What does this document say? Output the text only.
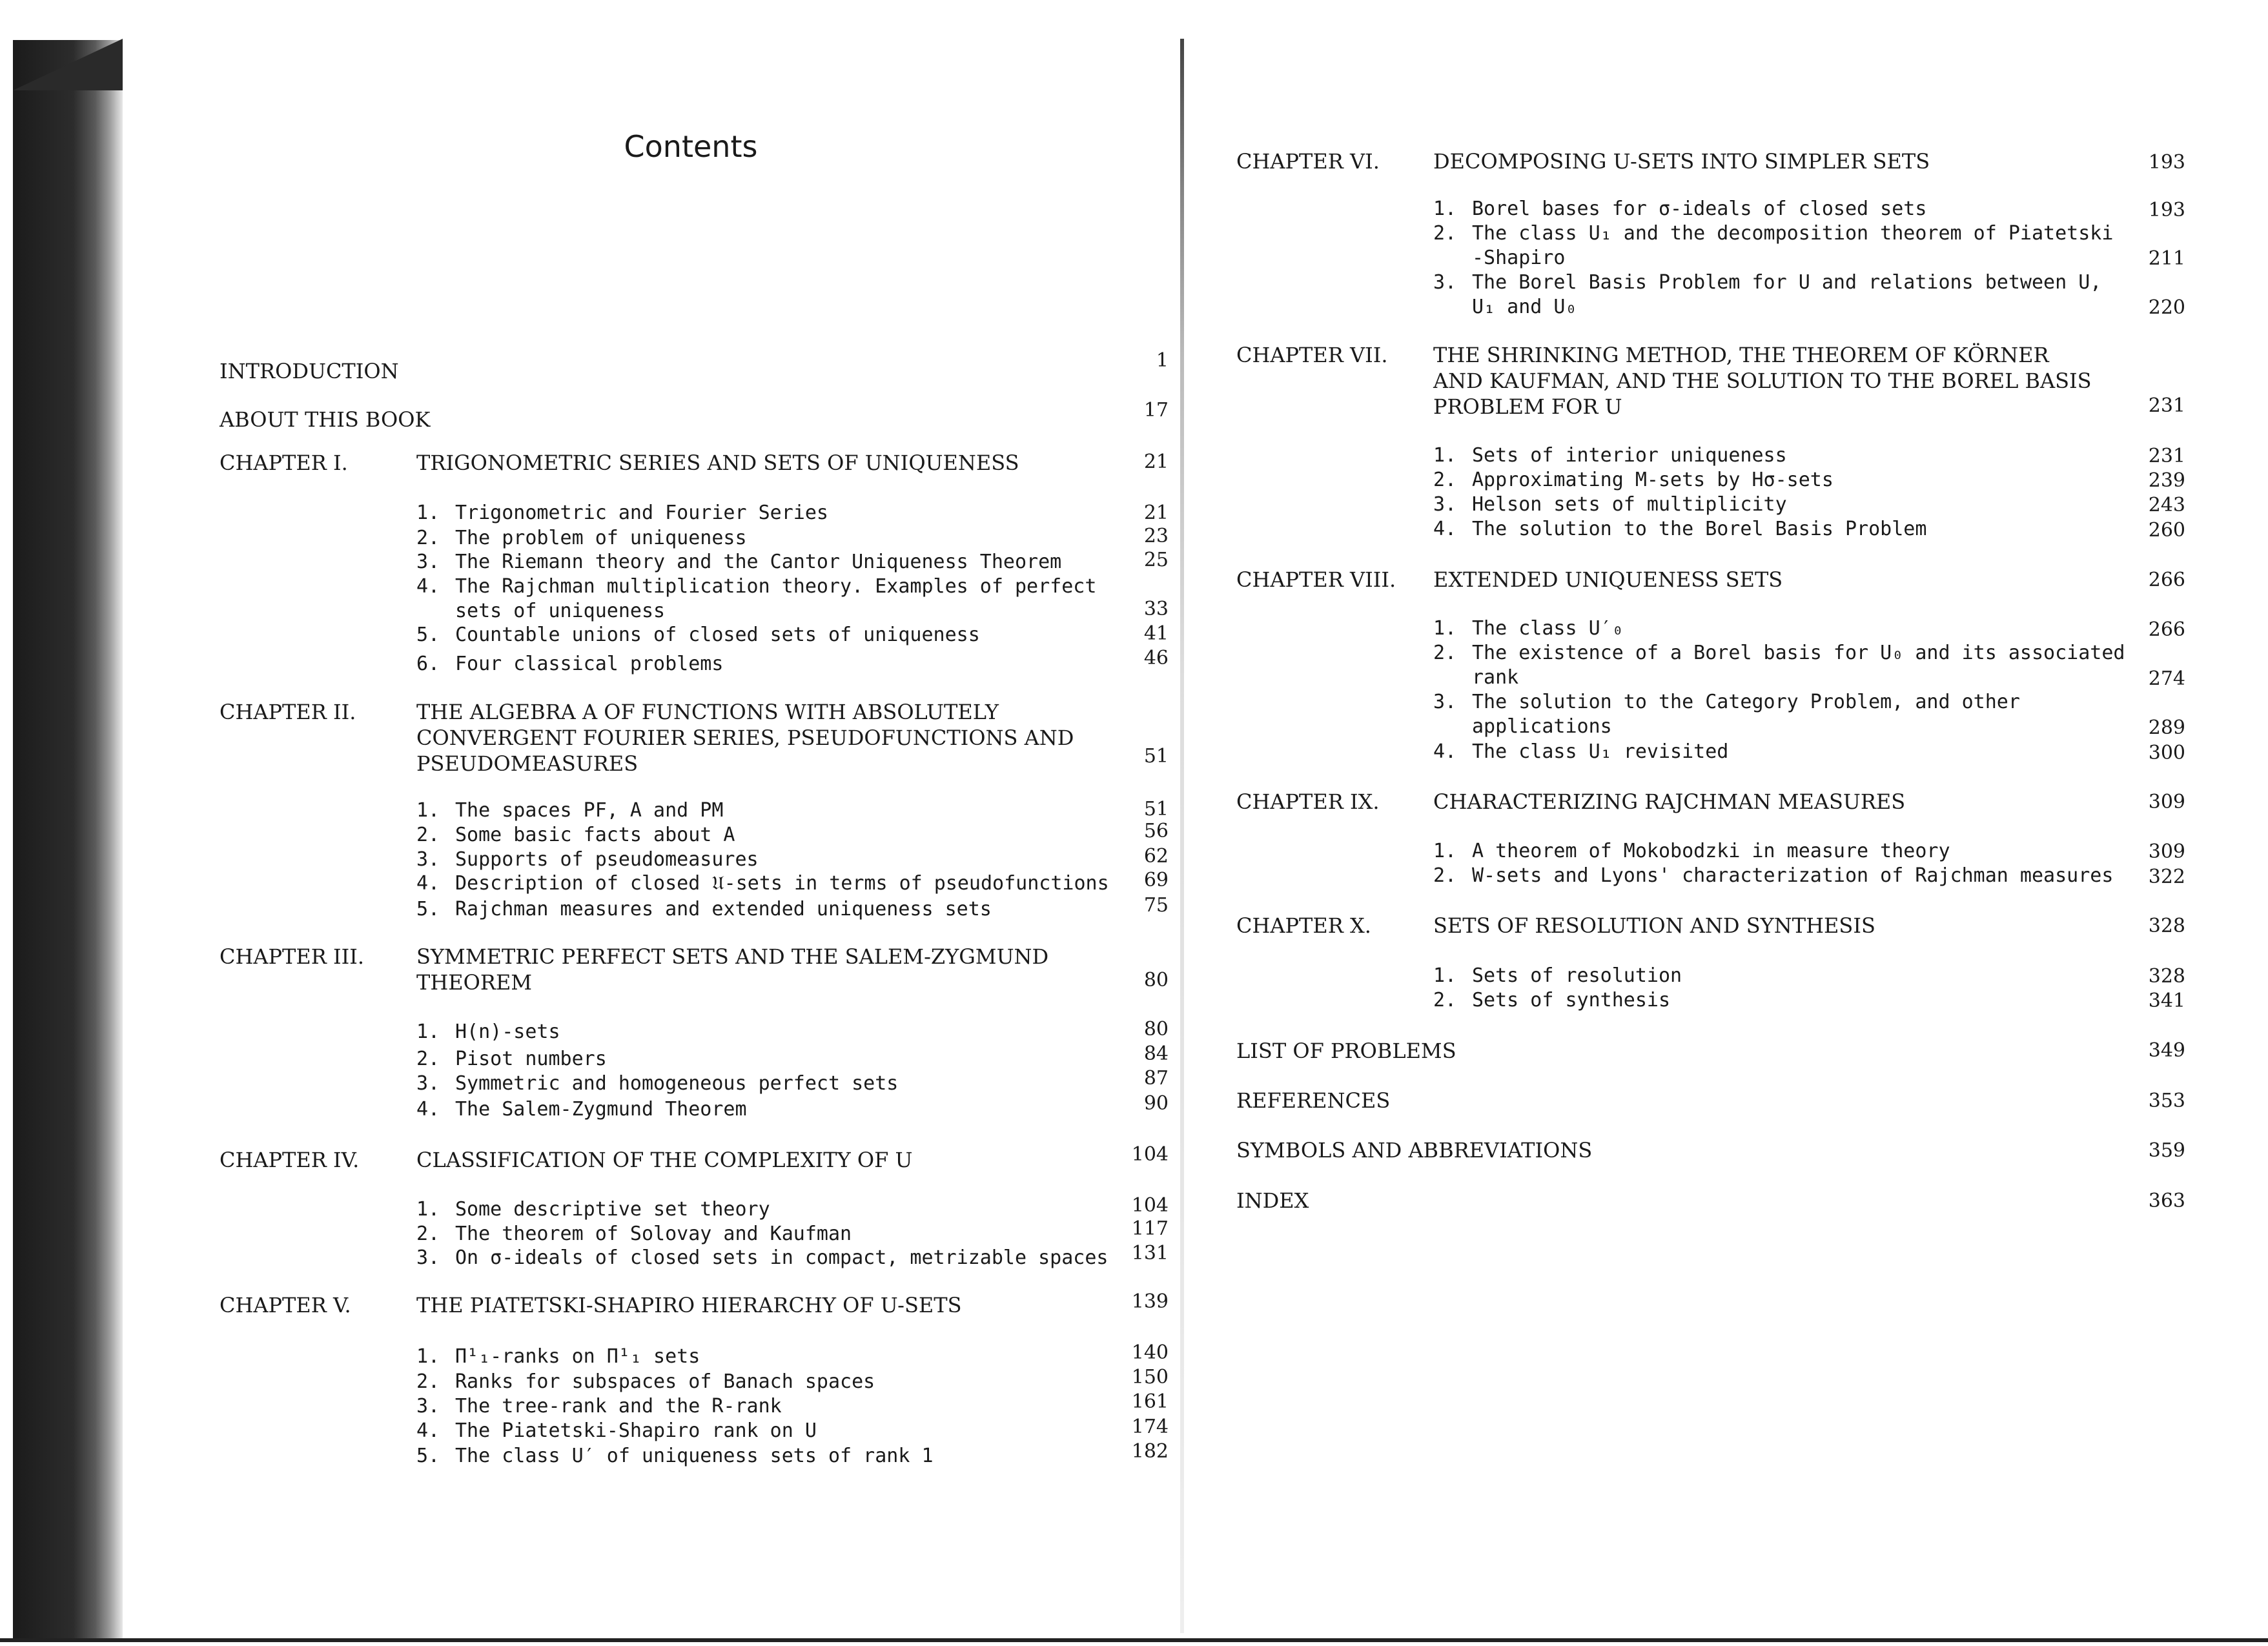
Contents
INTRODUCTION	1
ABOUT THIS BOOK	17
CHAPTER I.	TRIGONOMETRIC SERIES AND SETS OF UNIQUENESS	21
1. Trigonometric and Fourier Series	21
2. The problem of uniqueness	23
3. The Riemann theory and the Cantor Uniqueness Theorem	25
4. The Rajchman multiplication theory. Examples of perfect sets of uniqueness	33
5. Countable unions of closed sets of uniqueness	41
6. Four classical problems	46
CHAPTER II.	THE ALGEBRA A OF FUNCTIONS WITH ABSOLUTELY CONVERGENT FOURIER SERIES, PSEUDOFUNCTIONS AND PSEUDOMEASURES	51
1. The spaces PF, A and PM	51
2. Some basic facts about A	56
3. Supports of pseudomeasures	62
4. Description of closed 𝔘-sets in terms of pseudofunctions	69
5. Rajchman measures and extended uniqueness sets	75
CHAPTER III.	SYMMETRIC PERFECT SETS AND THE SALEM-ZYGMUND THEOREM	80
1. H(n)-sets	80
2. Pisot numbers	84
3. Symmetric and homogeneous perfect sets	87
4. The Salem-Zygmund Theorem	90
CHAPTER IV.	CLASSIFICATION OF THE COMPLEXITY OF U	104
1. Some descriptive set theory	104
2. The theorem of Solovay and Kaufman	117
3. On σ-ideals of closed sets in compact, metrizable spaces	131
CHAPTER V.	THE PIATETSKI-SHAPIRO HIERARCHY OF U-SETS	139
1. Π¹₁-ranks on Π¹₁ sets	140
2. Ranks for subspaces of Banach spaces	150
3. The tree-rank and the R-rank	161
4. The Piatetski-Shapiro rank on U	174
5. The class U′ of uniqueness sets of rank 1	182
CHAPTER VI.	DECOMPOSING U-SETS INTO SIMPLER SETS	193
1. Borel bases for σ-ideals of closed sets	193
2. The class U₁ and the decomposition theorem of Piatetski -Shapiro	211
3. The Borel Basis Problem for U and relations between U, U₁ and U₀	220
CHAPTER VII. THE SHRINKING METHOD, THE THEOREM OF KÖRNER AND KAUFMAN, AND THE SOLUTION TO THE BOREL BASIS PROBLEM FOR U	231
1. Sets of interior uniqueness	231
2. Approximating M-sets by Hσ-sets	239
3. Helson sets of multiplicity	243
4. The solution to the Borel Basis Problem	260
CHAPTER VIII. EXTENDED UNIQUENESS SETS	266
1. The class U′₀	266
2. The existence of a Borel basis for U₀ and its associated rank	274
3. The solution to the Category Problem, and other applications	289
4. The class U₁ revisited	300
CHAPTER IX.	CHARACTERIZING RAJCHMAN MEASURES	309
1. A theorem of Mokobodzki in measure theory	309
2. W-sets and Lyons' characterization of Rajchman measures	322
CHAPTER X.	SETS OF RESOLUTION AND SYNTHESIS	328
1. Sets of resolution	328
2. Sets of synthesis	341
LIST OF PROBLEMS	349
REFERENCES	353
SYMBOLS AND ABBREVIATIONS	359
INDEX	363
